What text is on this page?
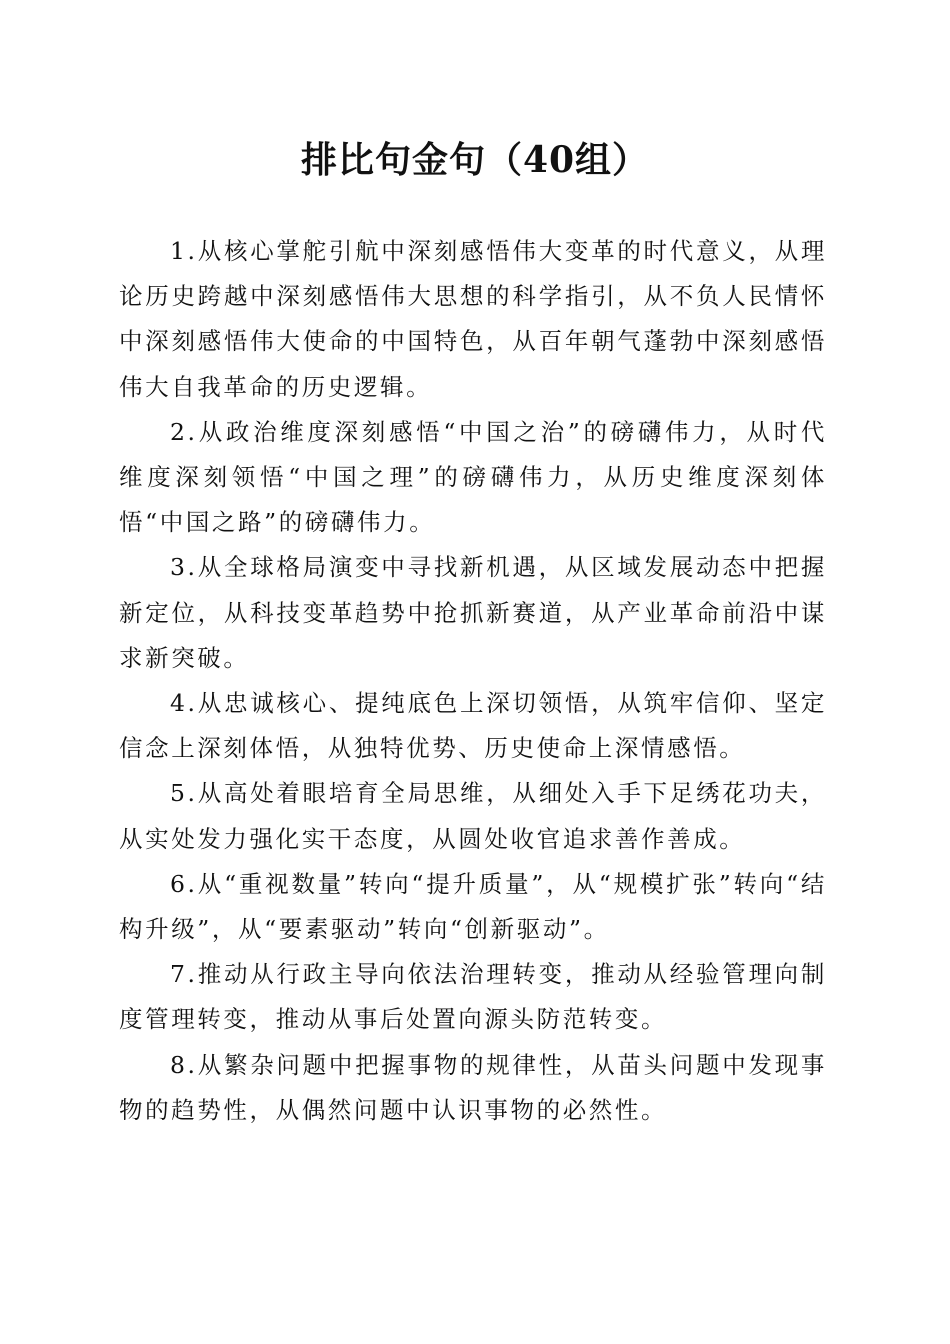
排比句金句（40组）

1.从核心掌舵引航中深刻感悟伟大变革的时代意义，从理论历史跨越中深刻感悟伟大思想的科学指引，从不负人民情怀中深刻感悟伟大使命的中国特色，从百年朝气蓬勃中深刻感悟伟大自我革命的历史逻辑。

2.从政治维度深刻感悟“中国之治”的磅礴伟力，从时代维度深刻领悟“中国之理”的磅礴伟力，从历史维度深刻体悟“中国之路”的磅礴伟力。

3.从全球格局演变中寻找新机遇，从区域发展动态中把握新定位，从科技变革趋势中抢抓新赛道，从产业革命前沿中谋求新突破。

4.从忠诚核心、提纯底色上深切领悟，从筑牢信仰、坚定信念上深刻体悟，从独特优势、历史使命上深情感悟。

5.从高处着眼培育全局思维，从细处入手下足绣花功夫，从实处发力强化实干态度，从圆处收官追求善作善成。

6.从“重视数量”转向“提升质量”，从“规模扩张”转向“结构升级”，从“要素驱动”转向“创新驱动”。

7.推动从行政主导向依法治理转变，推动从经验管理向制度管理转变，推动从事后处置向源头防范转变。

8.从繁杂问题中把握事物的规律性，从苗头问题中发现事物的趋势性，从偶然问题中认识事物的必然性。
